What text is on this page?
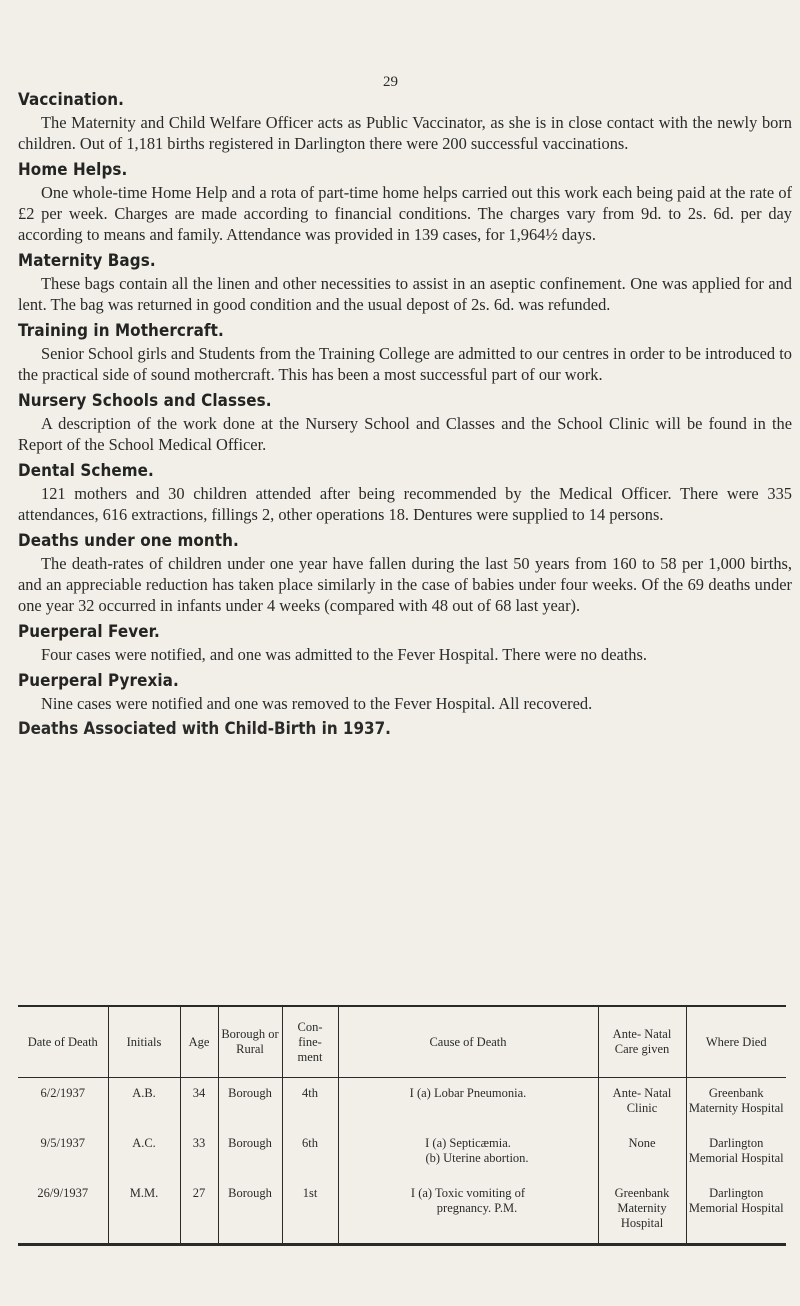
29
Vaccination.

The Maternity and Child Welfare Officer acts as Public Vaccinator, as she is in close contact with the newly born children. Out of 1,181 births registered in Darlington there were 200 successful vaccinations.

Home Helps.

One whole-time Home Help and a rota of part-time home helps carried out this work each being paid at the rate of £2 per week. Charges are made according to financial conditions. The charges vary from 9d. to 2s. 6d. per day according to means and family. Attendance was provided in 139 cases, for 1,964½ days.

Maternity Bags.

These bags contain all the linen and other necessities to assist in an aseptic confinement. One was applied for and lent. The bag was returned in good condition and the usual depost of 2s. 6d. was refunded.

Training in Mothercraft.

Senior School girls and Students from the Training College are admitted to our centres in order to be introduced to the practical side of sound mothercraft. This has been a most successful part of our work.

Nursery Schools and Classes.

A description of the work done at the Nursery School and Classes and the School Clinic will be found in the Report of the School Medical Officer.

Dental Scheme.

121 mothers and 30 children attended after being recommended by the Medical Officer. There were 335 attendances, 616 extractions, fillings 2, other operations 18. Dentures were supplied to 14 persons.

Deaths under one month.

The death-rates of children under one year have fallen during the last 50 years from 160 to 58 per 1,000 births, and an appreciable reduction has taken place similarly in the case of babies under four weeks. Of the 69 deaths under one year 32 occurred in infants under 4 weeks (compared with 48 out of 68 last year).

Puerperal Fever.

Four cases were notified, and one was admitted to the Fever Hospital. There were no deaths.

Puerperal Pyrexia.

Nine cases were notified and one was removed to the Fever Hospital. All recovered.

Deaths Associated with Child-Birth in 1937.
Date of Death	Initials	Age	Borough or Rural	Con- fine- ment	Cause of Death	Ante- Natal Care given	Where Died
6/2/1937	A.B.	34	Borough	4th	I (a) Lobar Pneumonia.	Ante- Natal Clinic	Greenbank Maternity Hospital
9/5/1937	A.C.	33	Borough	6th	I (a) Septicæmia.
(b) Uterine abortion.	None	Darlington Memorial Hospital
26/9/1937	M.M.	27	Borough	1st	I (a) Toxic vomiting of
pregnancy. P.M.	Greenbank Maternity Hospital	Darlington Memorial Hospital
